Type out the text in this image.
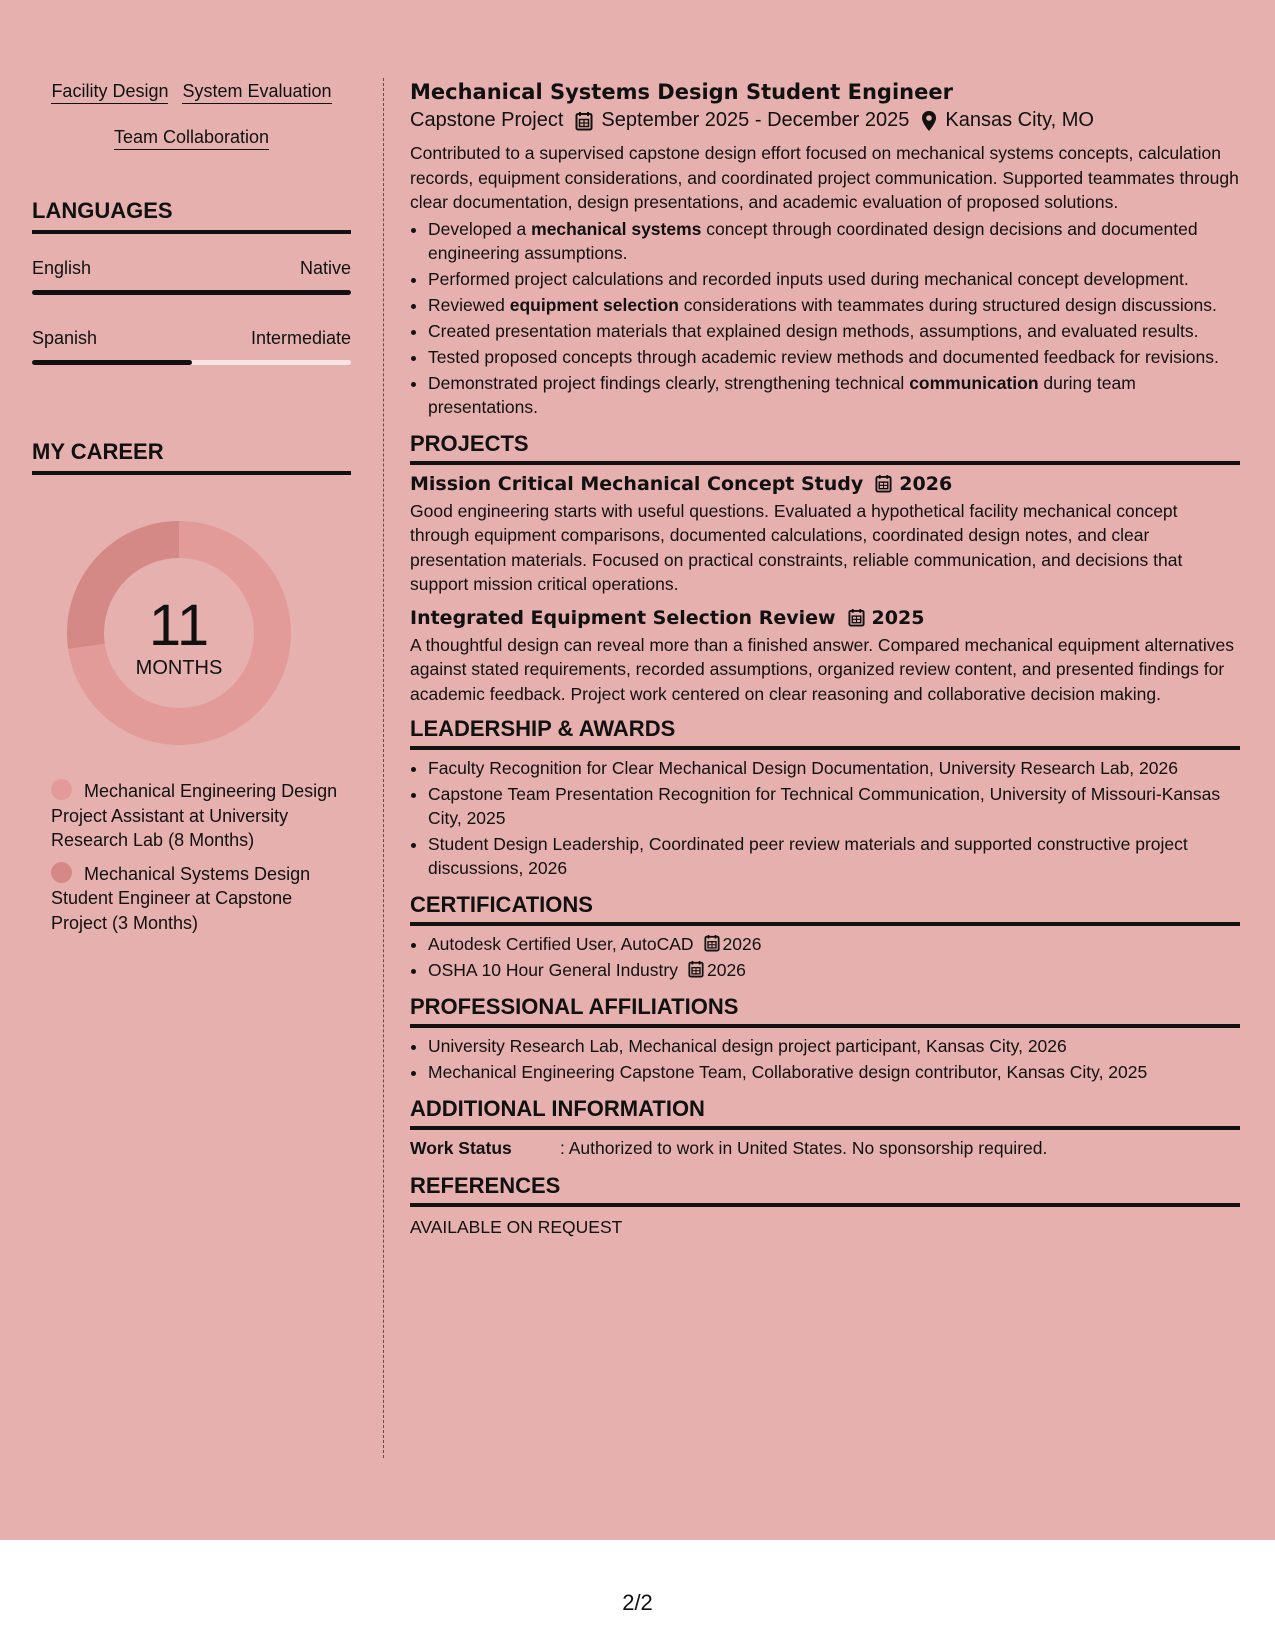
Facility Design System Evaluation
Team Collaboration
LANGUAGES
English	Native
Spanish	Intermediate
MY CAREER
11
MONTHS
Mechanical Engineering Design Project Assistant at University Research Lab (8 Months)
Mechanical Systems Design Student Engineer at Capstone Project (3 Months)
Mechanical Systems Design Student Engineer
Capstone Project September 2025 - December 2025 Kansas City, MO
Contributed to a supervised capstone design effort focused on mechanical systems concepts, calculation records, equipment considerations, and coordinated project communication. Supported teammates through clear documentation, design presentations, and academic evaluation of proposed solutions.
• Developed a mechanical systems concept through coordinated design decisions and documented engineering assumptions.
• Performed project calculations and recorded inputs used during mechanical concept development.
• Reviewed equipment selection considerations with teammates during structured design discussions.
• Created presentation materials that explained design methods, assumptions, and evaluated results.
• Tested proposed concepts through academic review methods and documented feedback for revisions.
• Demonstrated project findings clearly, strengthening technical communication during team presentations.
PROJECTS
Mission Critical Mechanical Concept Study 2026
Good engineering starts with useful questions. Evaluated a hypothetical facility mechanical concept through equipment comparisons, documented calculations, coordinated design notes, and clear presentation materials. Focused on practical constraints, reliable communication, and decisions that support mission critical operations.
Integrated Equipment Selection Review 2025
A thoughtful design can reveal more than a finished answer. Compared mechanical equipment alternatives against stated requirements, recorded assumptions, organized review content, and presented findings for academic feedback. Project work centered on clear reasoning and collaborative decision making.
LEADERSHIP & AWARDS
• Faculty Recognition for Clear Mechanical Design Documentation, University Research Lab, 2026
• Capstone Team Presentation Recognition for Technical Communication, University of Missouri-Kansas City, 2025
• Student Design Leadership, Coordinated peer review materials and supported constructive project discussions, 2026
CERTIFICATIONS
• Autodesk Certified User, AutoCAD 2026
• OSHA 10 Hour General Industry 2026
PROFESSIONAL AFFILIATIONS
• University Research Lab, Mechanical design project participant, Kansas City, 2026
• Mechanical Engineering Capstone Team, Collaborative design contributor, Kansas City, 2025
ADDITIONAL INFORMATION
Work Status	: Authorized to work in United States. No sponsorship required.
REFERENCES
AVAILABLE ON REQUEST
2/2
